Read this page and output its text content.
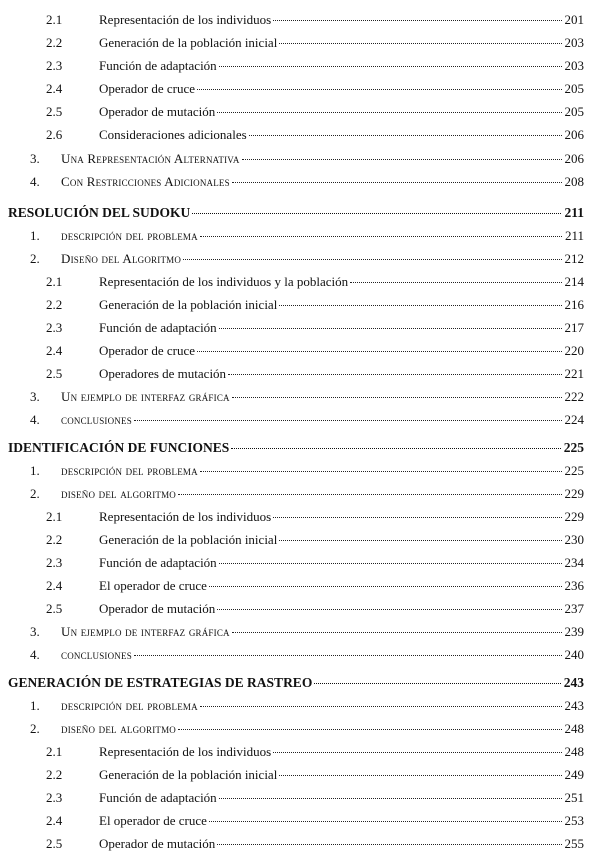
2.1	Representación de los individuos	201
2.2	Generación de la población inicial	203
2.3	Función de adaptación	203
2.4	Operador de cruce	205
2.5	Operador de mutación	205
2.6	Consideraciones adicionales	206
3.	Una Representación Alternativa	206
4.	Con Restricciones Adicionales	208
RESOLUCIÓN DEL SUDOKU	211
1.	descripción del problema	211
2.	Diseño del Algoritmo	212
2.1	Representación de los individuos y la población	214
2.2	Generación de la población inicial	216
2.3	Función de adaptación	217
2.4	Operador de cruce	220
2.5	Operadores de mutación	221
3.	Un ejemplo de interfaz gráfica	222
4.	conclusiones	224
IDENTIFICACIÓN DE FUNCIONES	225
1.	descripción del problema	225
2.	diseño del algoritmo	229
2.1	Representación de los individuos	229
2.2	Generación de la población inicial	230
2.3	Función de adaptación	234
2.4	El operador de cruce	236
2.5	Operador de mutación	237
3.	Un ejemplo de interfaz gráfica	239
4.	conclusiones	240
GENERACIÓN DE ESTRATEGIAS DE RASTREO	243
1.	descripción del problema	243
2.	diseño del algoritmo	248
2.1	Representación de los individuos	248
2.2	Generación de la población inicial	249
2.3	Función de adaptación	251
2.4	El operador de cruce	253
2.5	Operador de mutación	255
